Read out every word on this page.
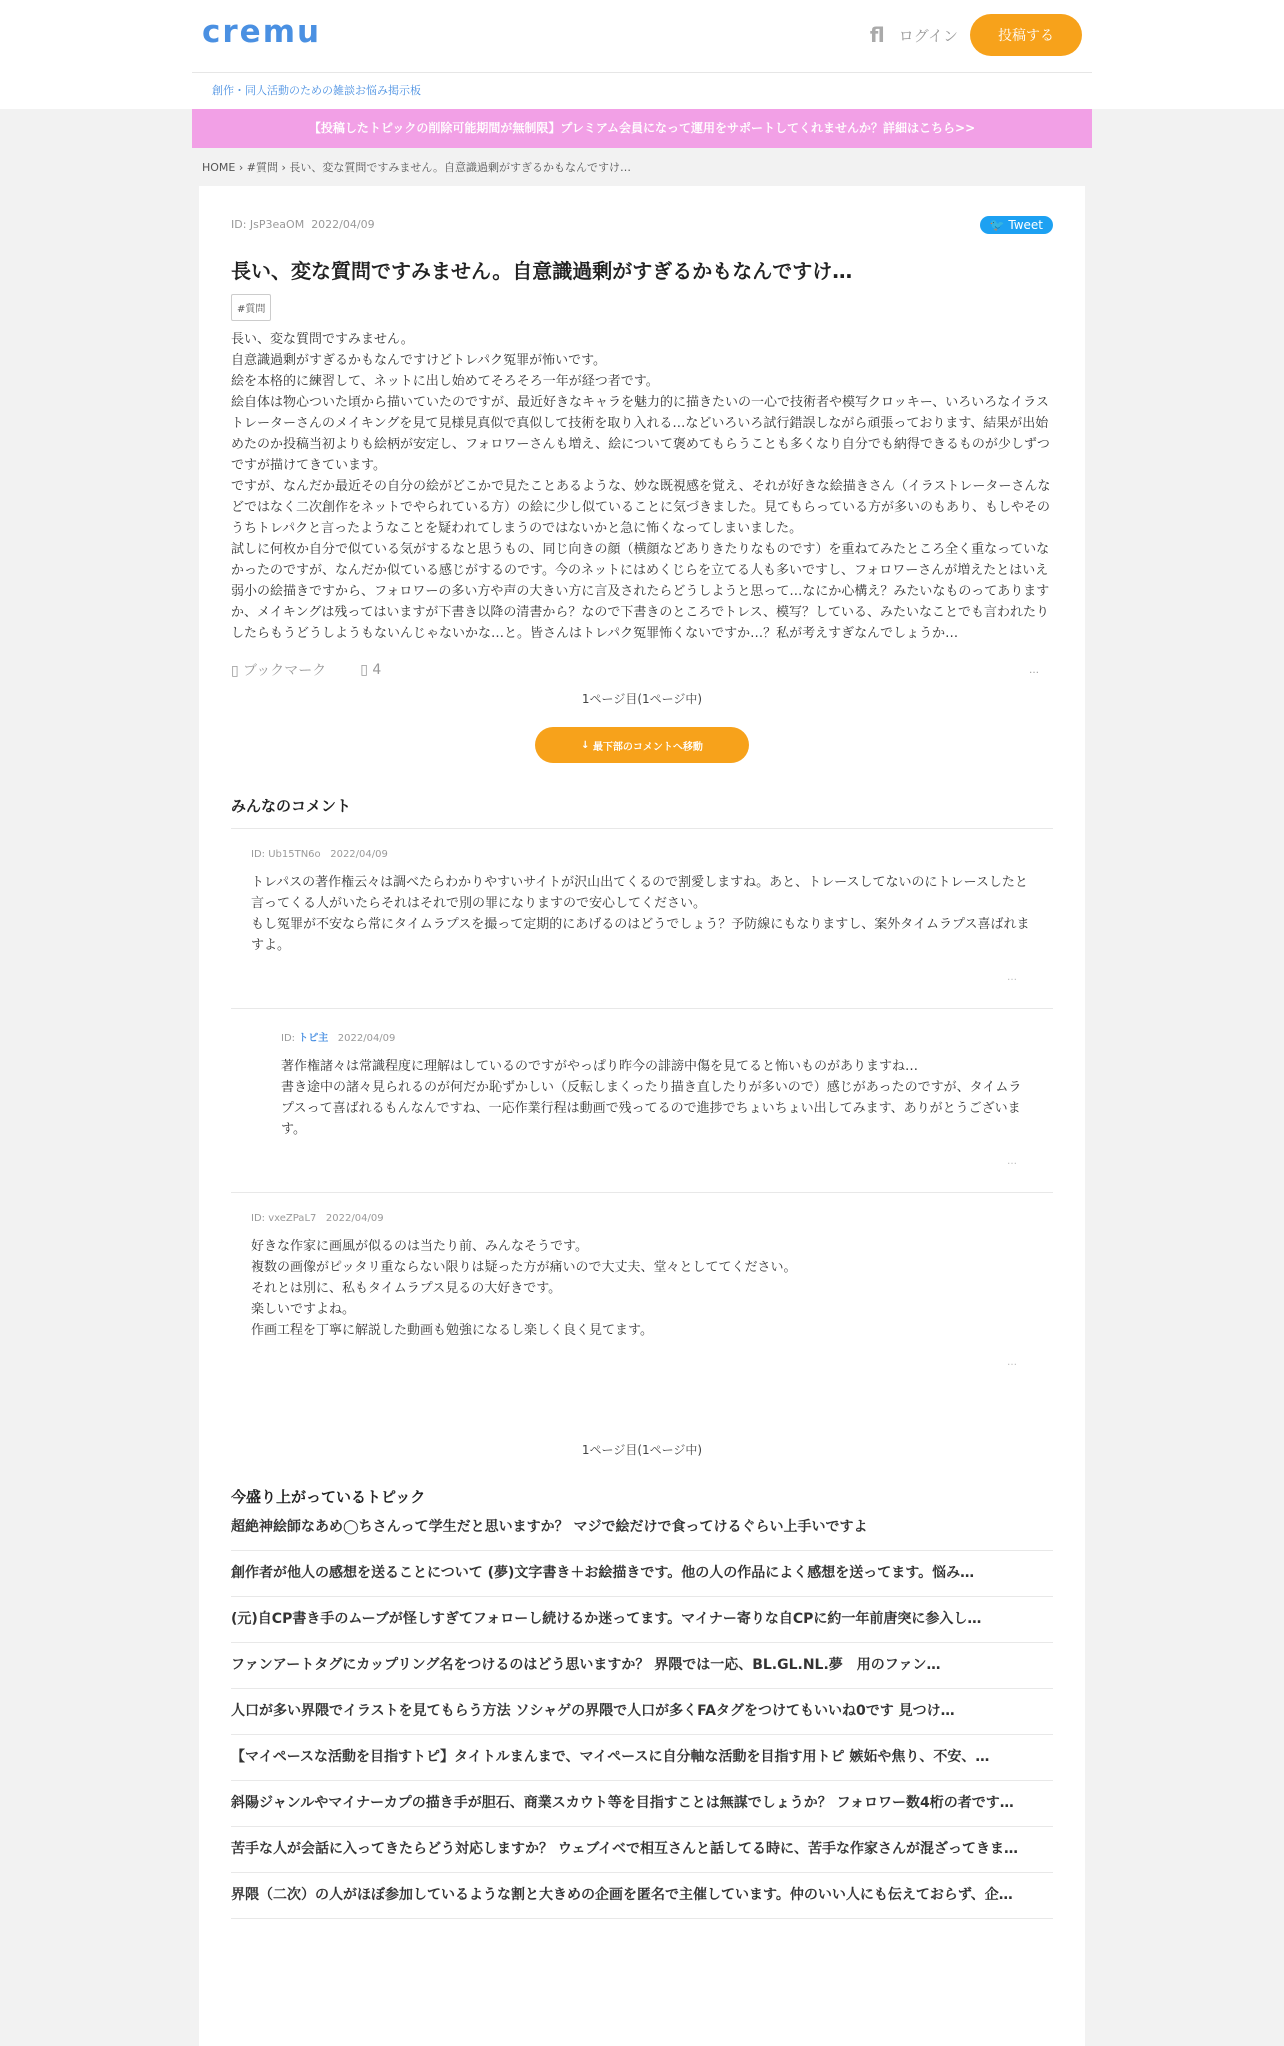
cremu	fl ログイン	投稿する
創作・同人活動のための雑談お悩み掲示板
【投稿したトピックの削除可能期間が無制限】プレミアム会員になって運用をサポートしてくれませんか？詳細はこちら>>
HOME › #質問 › 長い、変な質問ですみません。自意識過剰がすぎるかもなんですけ…
ID: JsP3eaOM 2022/04/09	🐦 Tweet
長い、変な質問ですみません。自意識過剰がすぎるかもなんですけ…
#質問

長い、変な質問ですみません。

自意識過剰がすぎるかもなんですけどトレパク冤罪が怖いです。

絵を本格的に練習して、ネットに出し始めてそろそろ一年が経つ者です。

絵自体は物心ついた頃から描いていたのですが、最近好きなキャラを魅力的に描きたいの一心で技術者や模写クロッキー、いろいろなイラストレーターさんのメイキングを見て見様見真似で真似して技術を取り入れる…などいろいろ試行錯誤しながら頑張っております、結果が出始めたのか投稿当初よりも絵柄が安定し、フォロワーさんも増え、絵について褒めてもらうことも多くなり自分でも納得できるものが少しずつですが描けてきています。

ですが、なんだか最近その自分の絵がどこかで見たことあるような、妙な既視感を覚え、それが好きな絵描きさん（イラストレーターさんなどではなく二次創作をネットでやられている方）の絵に少し似ていることに気づきました。見てもらっている方が多いのもあり、もしやそのうちトレパクと言ったようなことを疑われてしまうのではないかと急に怖くなってしまいました。

試しに何枚か自分で似ている気がするなと思うもの、同じ向きの顔（横顔などありきたりなものです）を重ねてみたところ全く重なっていなかったのですが、なんだか似ている感じがするのです。今のネットにはめくじらを立てる人も多いですし、フォロワーさんが増えたとはいえ弱小の絵描きですから、フォロワーの多い方や声の大きい方に言及されたらどうしようと思って…なにか心構え？みたいなものってありますか、メイキングは残ってはいますが下書き以降の清書から？なので下書きのところでトレス、模写？している、みたいなことでも言われたりしたらもうどうしようもないんじゃないかな…と。皆さんはトレパク冤罪怖くないですか…？私が考えすぎなんでしょうか…

▯ ブックマーク ▯ 4	…
1ページ目(1ページ中)
↓ 最下部のコメントへ移動
みんなのコメント
ID: Ub15TN6o 2022/04/09

トレパスの著作権云々は調べたらわかりやすいサイトが沢山出てくるので割愛しますね。あと、トレースしてないのにトレースしたと言ってくる人がいたらそれはそれで別の罪になりますので安心してください。

もし冤罪が不安なら常にタイムラプスを撮って定期的にあげるのはどうでしょう？予防線にもなりますし、案外タイムラプス喜ばれますよ。

…
ID: トピ主 2022/04/09

著作権諸々は常識程度に理解はしているのですがやっぱり昨今の誹謗中傷を見てると怖いものがありますね…

書き途中の諸々見られるのが何だか恥ずかしい（反転しまくったり描き直したりが多いので）感じがあったのですが、タイムラプスって喜ばれるもんなんですね、一応作業行程は動画で残ってるので進捗でちょいちょい出してみます、ありがとうございます。

…
ID: vxeZPaL7 2022/04/09

好きな作家に画風が似るのは当たり前、みんなそうです。

複数の画像がピッタリ重ならない限りは疑った方が痛いので大丈夫、堂々としててください。

それとは別に、私もタイムラプス見るの大好きです。

楽しいですよね。

作画工程を丁寧に解説した動画も勉強になるし楽しく良く見てます。

…
1ページ目(1ページ中)
今盛り上がっているトピック
超絶神絵師なあめ◯ちさんって学生だと思いますか？ マジで絵だけで食ってけるぐらい上手いですよ
創作者が他人の感想を送ることについて (夢)文字書き＋お絵描きです。他の人の作品によく感想を送ってます。悩み…
(元)自CP書き手のムーブが怪しすぎてフォローし続けるか迷ってます。マイナー寄りな自CPに約一年前唐突に参入し…
ファンアートタグにカップリング名をつけるのはどう思いますか？ 界隈では一応、BL.GL.NL.夢　用のファン…
人口が多い界隈でイラストを見てもらう方法 ソシャゲの界隈で人口が多くFAタグをつけてもいいね0です 見つけ…
【マイペースな活動を目指すトピ】タイトルまんまで、マイペースに自分軸な活動を目指す用トピ 嫉妬や焦り、不安、…
斜陽ジャンルやマイナーカプの描き手が胆石、商業スカウト等を目指すことは無謀でしょうか？ フォロワー数4桁の者です…
苦手な人が会話に入ってきたらどう対応しますか？ ウェブイベで相互さんと話してる時に、苦手な作家さんが混ざってきま…
界隈（二次）の人がほぼ参加しているような割と大きめの企画を匿名で主催しています。仲のいい人にも伝えておらず、企…
